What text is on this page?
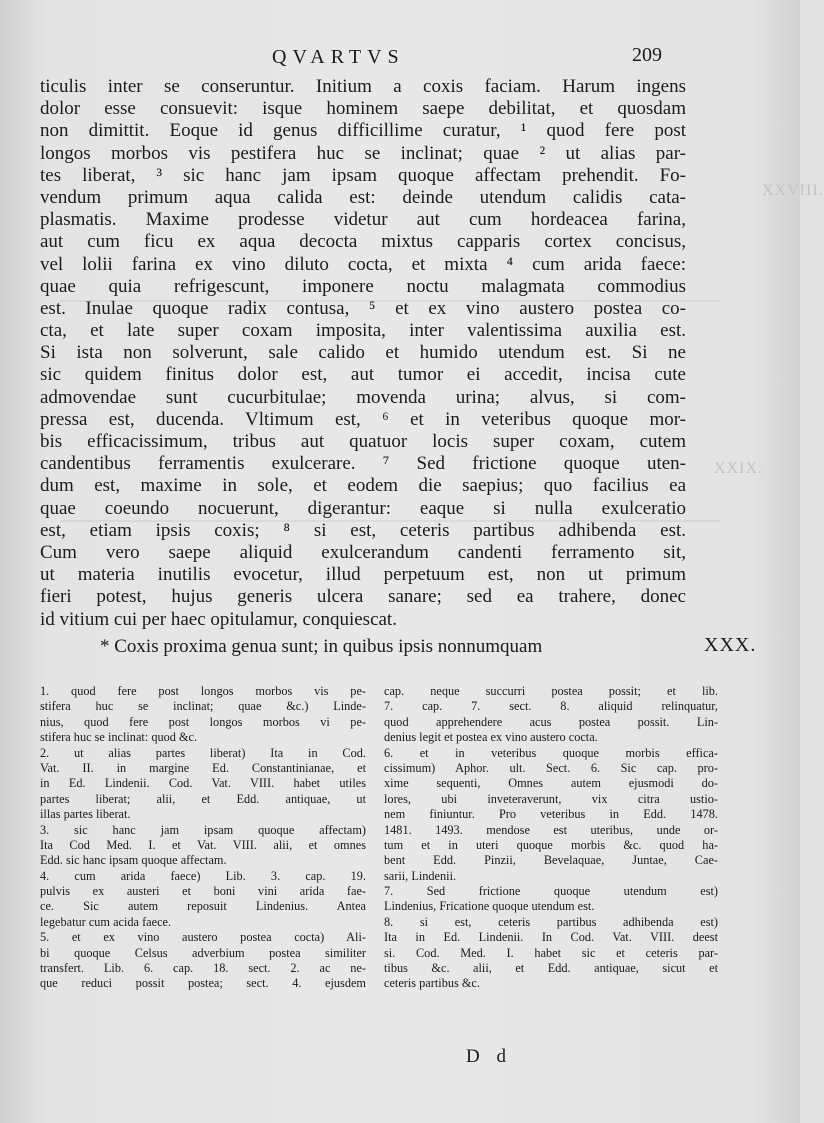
QVARTVS	209
XXVIII.
XXIX.
ticulis inter se conseruntur. Initium a coxis faciam. Harum ingens
dolor esse consuevit: isque hominem saepe debilitat, et quosdam
non dimittit. Eoque id genus difficillime curatur, ¹ quod fere post
longos morbos vis pestifera huc se inclinat; quae ² ut alias par-
tes liberat, ³ sic hanc jam ipsam quoque affectam prehendit. Fo-
vendum primum aqua calida est: deinde utendum calidis cata-
plasmatis. Maxime prodesse videtur aut cum hordeacea farina,
aut cum ficu ex aqua decocta mixtus capparis cortex concisus,
vel lolii farina ex vino diluto cocta, et mixta ⁴ cum arida faece:
quae quia refrigescunt, imponere noctu malagmata commodius
est. Inulae quoque radix contusa, ⁵ et ex vino austero postea co-
cta, et late super coxam imposita, inter valentissima auxilia est.
Si ista non solverunt, sale calido et humido utendum est. Si ne
sic quidem finitus dolor est, aut tumor ei accedit, incisa cute
admovendae sunt cucurbitulae; movenda urina; alvus, si com-
pressa est, ducenda. Vltimum est, ⁶ et in veteribus quoque mor-
bis efficacissimum, tribus aut quatuor locis super coxam, cutem
candentibus ferramentis exulcerare. ⁷ Sed frictione quoque uten-
dum est, maxime in sole, et eodem die saepius; quo facilius ea
quae coeundo nocuerunt, digerantur: eaque si nulla exulceratio
est, etiam ipsis coxis; ⁸ si est, ceteris partibus adhibenda est.
Cum vero saepe aliquid exulcerandum candenti ferramento sit,
ut materia inutilis evocetur, illud perpetuum est, non ut primum
fieri potest, hujus generis ulcera sanare; sed ea trahere, donec
id vitium cui per haec opitulamur, conquiescat.
* Coxis proxima genua sunt; in quibus ipsis nonnumquam	XXX.
1. quod fere post longos morbos vis pe-
stifera huc se inclinat; quae &c.) Linde-
nius, quod fere post longos morbos vi pe-
stifera huc se inclinat: quod &c.
2. ut alias partes liberat) Ita in Cod.
Vat. II. in margine Ed. Constantinianae, et
in Ed. Lindenii. Cod. Vat. VIII. habet utiles
partes liberat; alii, et Edd. antiquae, ut
illas partes liberat.
3. sic hanc jam ipsam quoque affectam)
Ita Cod Med. I. et Vat. VIII. alii, et omnes
Edd. sic hanc ipsam quoque affectam.
4. cum arida faece) Lib. 3. cap. 19.
pulvis ex austeri et boni vini arida fae-
ce. Sic autem reposuit Lindenius. Antea
legebatur cum acida faece.
5. et ex vino austero postea cocta) Ali-
bi quoque Celsus adverbium postea similiter
transfert. Lib. 6. cap. 18. sect. 2. ac ne-
que reduci possit postea; sect. 4. ejusdem
cap. neque succurri postea possit; et lib.
7. cap. 7. sect. 8. aliquid relinquatur,
quod apprehendere acus postea possit. Lin-
denius legit et postea ex vino austero cocta.
6. et in veteribus quoque morbis effica-
cissimum) Aphor. ult. Sect. 6. Sic cap. pro-
xime sequenti, Omnes autem ejusmodi do-
lores, ubi inveteraverunt, vix citra ustio-
nem finiuntur. Pro veteribus in Edd. 1478.
1481. 1493. mendose est uteribus, unde or-
tum et in uteri quoque morbis &c. quod ha-
bent Edd. Pinzii, Bevelaquae, Juntae, Cae-
sarii, Lindenii.
7. Sed frictione quoque utendum est)
Lindenius, Fricatione quoque utendum est.
8. si est, ceteris partibus adhibenda est)
Ita in Ed. Lindenii. In Cod. Vat. VIII. deest
si. Cod. Med. I. habet sic et ceteris par-
tibus &c. alii, et Edd. antiquae, sicut et
ceteris partibus &c.
D d
